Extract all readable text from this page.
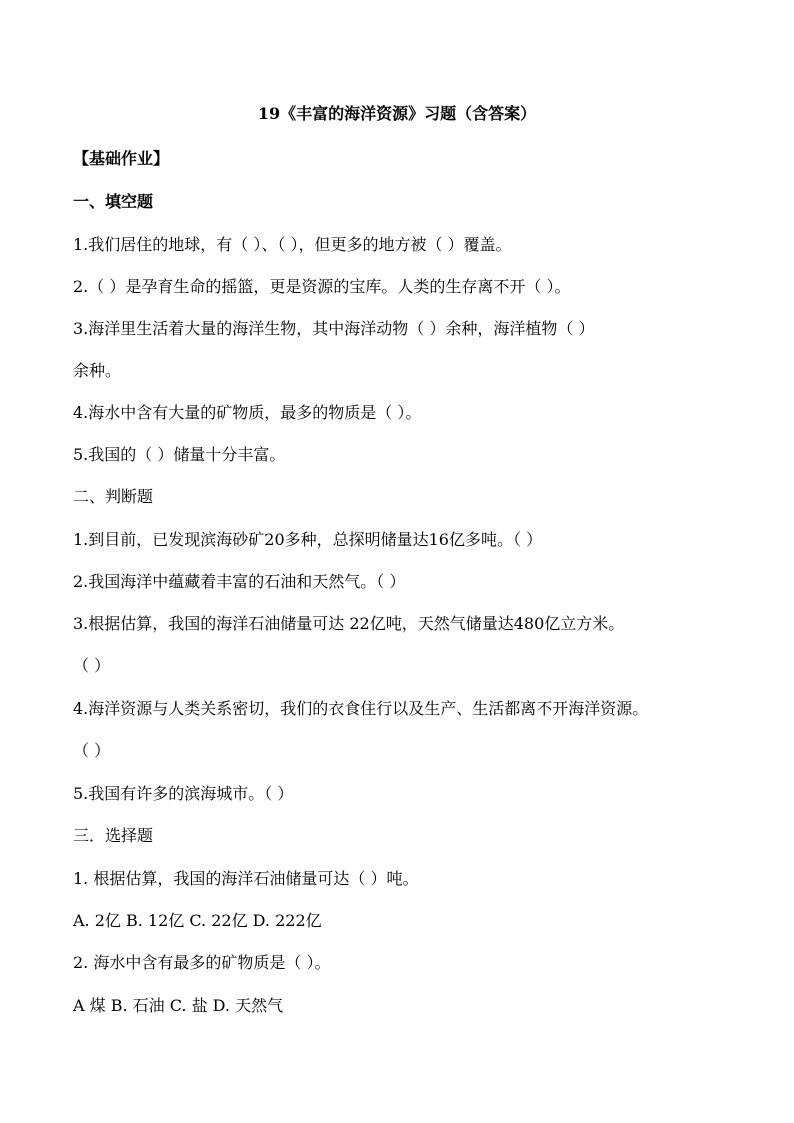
19《丰富的海洋资源》习题（含答案）
【基础作业】
一、填空题
1.我们居住的地球，有（ ）、（ ），但更多的地方被（ ）覆盖。
2.（ ）是孕育生命的摇篮，更是资源的宝库。人类的生存离不开（ ）。
3.海洋里生活着大量的海洋生物，其中海洋动物（ ）余种，海洋植物（ ）
余种。
4.海水中含有大量的矿物质，最多的物质是（ ）。
5.我国的（ ）储量十分丰富。
二、判断题
1.到目前，已发现滨海砂矿20多种，总探明储量达16亿多吨。（ ）
2.我国海洋中蕴藏着丰富的石油和天然气。（ ）
3.根据估算，我国的海洋石油储量可达 22亿吨，天然气储量达480亿立方米。
（ ）
4.海洋资源与人类关系密切，我们的衣食住行以及生产、生活都离不开海洋资源。
（ ）
5.我国有许多的滨海城市。（ ）
三．选择题
1. 根据估算，我国的海洋石油储量可达（ ）吨。
A. 2亿 B. 12亿 C. 22亿 D. 222亿
2. 海水中含有最多的矿物质是（ ）。
A 煤 B. 石油 C. 盐 D. 天然气
